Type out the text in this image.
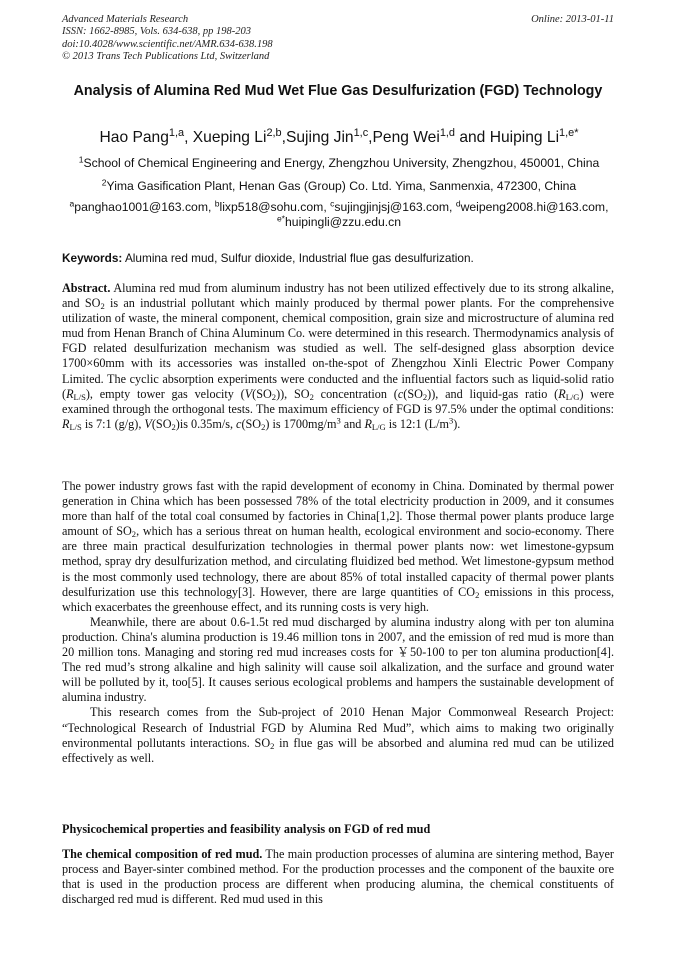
Advanced Materials Research
ISSN: 1662-8985, Vols. 634-638, pp 198-203
doi:10.4028/www.scientific.net/AMR.634-638.198
© 2013 Trans Tech Publications Ltd, Switzerland
Online: 2013-01-11
Analysis of Alumina Red Mud Wet Flue Gas Desulfurization (FGD) Technology
Hao Pang$^{1,a}$, Xueping Li$^{2,b}$,Sujing Jin$^{1,c}$,Peng Wei$^{1,d}$ and Huiping $Li^{1,e*}$
$^1$School of Chemical Engineering and Energy, Zhengzhou University, Zhengzhou, 450001, China
$^2$Yima Gasification Plant, Henan Gas (Group) Co. Ltd. Yima, Sanmenxia, 472300, China
$^a$panghao1001@163.com, $^b$lixp518@sohu.com, $^c$sujingjinjsj@163.com, $^d$weipeng2008.hi@163.com,
$^{e*}$huipingli@zzu.edu.cn
Keywords: Alumina red mud, Sulfur dioxide, Industrial flue gas desulfurization.

Abstract. Alumina red mud from aluminum industry has not been utilized effectively due to its strong alkaline, and $SO_2$ is an industrial pollutant which mainly produced by thermal power plants. For the comprehensive utilization of waste, the mineral component, chemical composition, grain size and microstructure of alumina red mud from Henan Branch of China Aluminum Co. were determined in this research. Thermodynamics analysis of FGD related desulfurization mechanism was studied as well. The self-designed glass absorption device 1700×60mm with its accessories was installed on-the-spot of Zhengzhou Xinli Electric Power Company Limited. The cyclic absorption experiments were conducted and the influential factors such as liquid-solid ratio $(R_{L/S})$, empty tower gas velocity $(V(SO_2))$, $SO_2$ concentration $(c(SO_2))$, and liquid-gas ratio $(R_{L/G})$ were examined through the orthogonal tests. The maximum efficiency of FGD is 97.5% under the optimal conditions: $R_{L/S}$ is 7:1 (g/g), $V(SO_2)is$ 0.35m/s, $c(SO_2)$ is $1700mg/m^3$ and $R_{L/G}$ is 12:1 $(L/m^3)$.

The power industry grows fast with the rapid development of economy in China. Dominated by thermal power generation in China which has been possessed 78% of the total electricity production in 2009, and it consumes more than half of the total coal consumed by factories in China[1,2]. Those thermal power plants produce large amount of $SO_2$, which has a serious threat on human health, ecological environment and socio-economy. There are three main practical desulfurization technologies in thermal power plants now: wet limestone-gypsum method, spray dry desulfurization method, and circulating fluidized bed method. Wet limestone-gypsum method is the most commonly used technology, there are about 85% of total installed capacity of thermal power plants desulfurization use this technology[3]. However, there are large quantities of $CO_2$ emissions in this process, which exacerbates the greenhouse effect, and its running costs is very high.

Meanwhile, there are about 0.6-1.5t red mud discharged by alumina industry along with per ton alumina production. China's alumina production is 19.46 million tons in 2007, and the emission of red mud is more than 20 million tons. Managing and storing red mud increases costs for ￥50-100 to per ton alumina production[4]. The red mud’s strong alkaline and high salinity will cause soil alkalization, and the surface and ground water will be polluted by it, too[5]. It causes serious ecological problems and hampers the sustainable development of alumina industry.

This research comes from the Sub-project of 2010 Henan Major Commonweal Research Project: “Technological Research of Industrial FGD by Alumina Red Mud”, which aims to making two originally environmental pollutants interactions. $SO_2$ in flue gas will be absorbed and alumina red mud can be utilized effectively as well.

Physicochemical properties and feasibility analysis on FGD of red mud

The chemical composition of red mud. The main production processes of alumina are sintering method, Bayer process and Bayer-sinter combined method. For the production processes and the component of the bauxite ore that is used in the production process are different when producing alumina, the chemical constituents of discharged red mud is different. Red mud used in this
